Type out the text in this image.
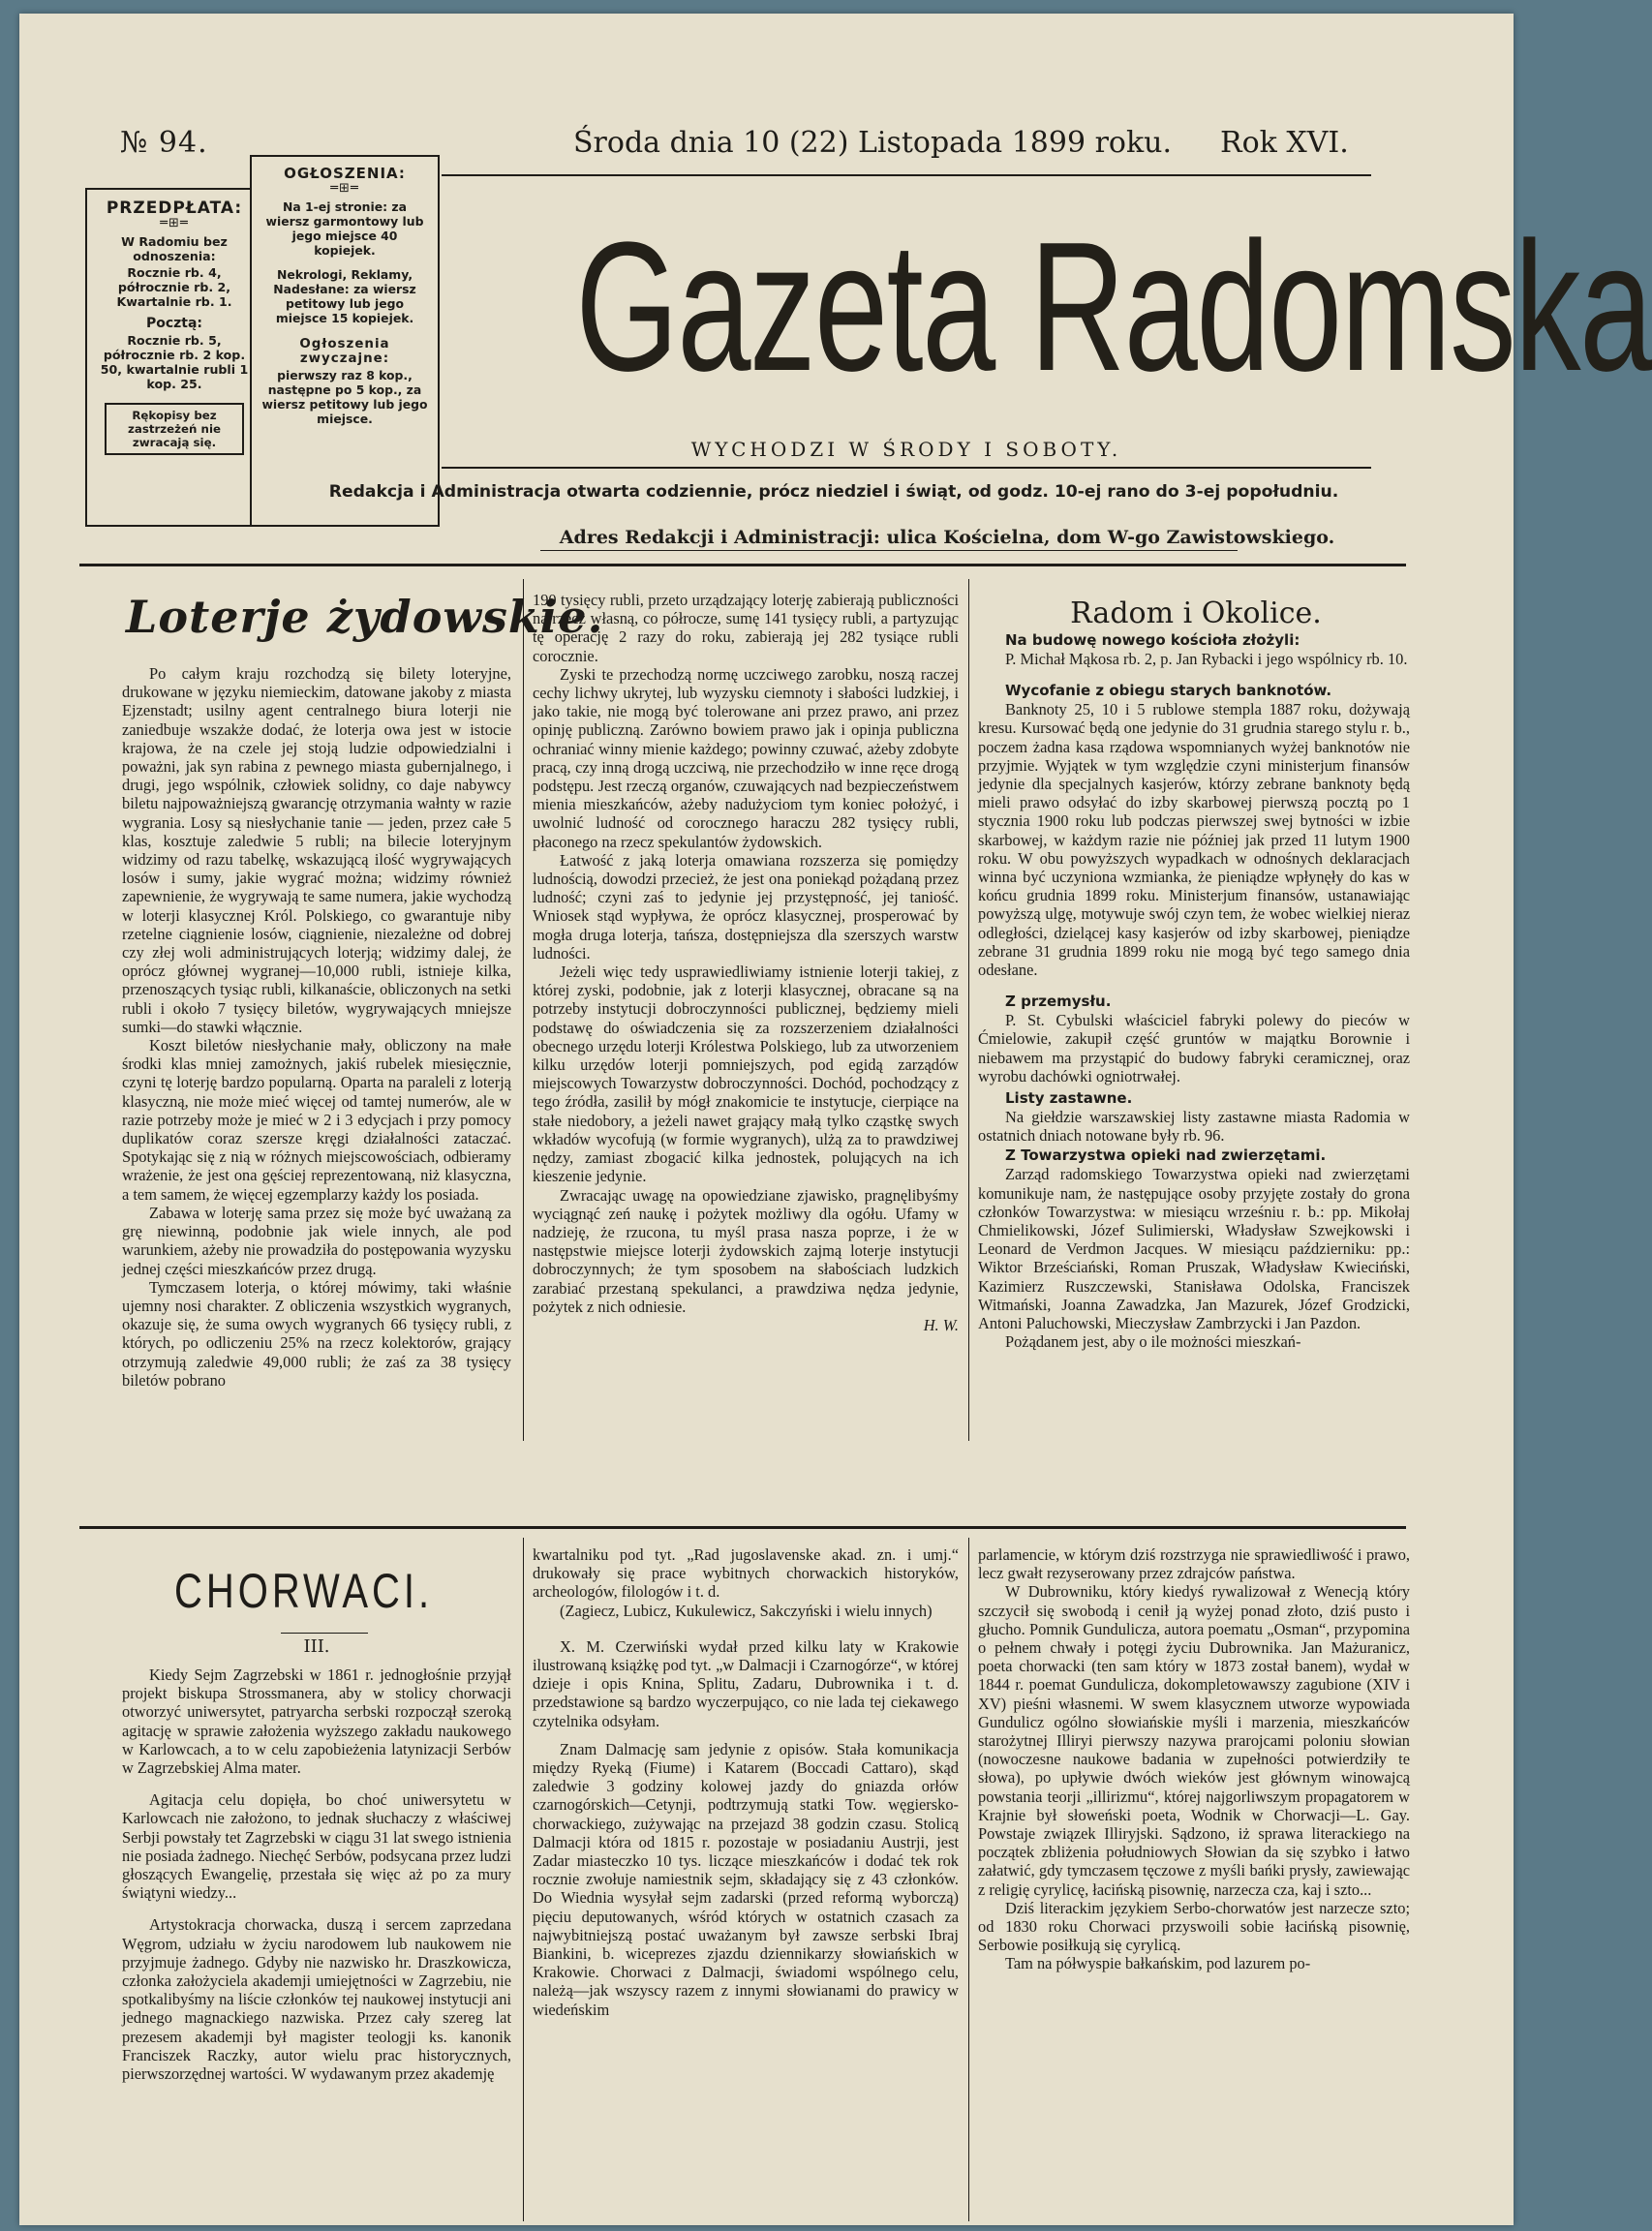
№ 94.	Środa dnia 10 (22) Listopada 1899 roku. Rok XVI.
PRZEDPŁATA:
═⊞═
W Radomiu bez odnoszenia:
Rocznie rb. 4, półrocznie rb. 2, Kwartalnie rb. 1.
Pocztą:
Rocznie rb. 5, półrocznie rb. 2 kop. 50, kwartalnie rubli 1 kop. 25.
Rękopisy bez zastrzeżeń nie zwracają się.
OGŁOSZENIA:
═⊞═
Na 1-ej stronie: za wiersz garmontowy lub jego miejsce 40 kopiejek.
Nekrologi, Reklamy, Nadesłane: za wiersz petitowy lub jego miejsce 15 kopiejek.
Ogłoszenia zwyczajne:
pierwszy raz 8 kop., następne po 5 kop., za wiersz petitowy lub jego miejsce.
Gazeta Radomska
WYCHODZI W ŚRODY I SOBOTY.
Redakcja i Administracja otwarta codziennie, prócz niedziel i świąt, od godz. 10-ej rano do 3-ej popołudniu.
Adres Redakcji i Administracji: ulica Kościelna, dom W-go Zawistowskiego.
Loterje żydowskie.

Po całym kraju rozchodzą się bilety loteryjne, drukowane w języku niemieckim, datowane jakoby z miasta Ejzenstadt; usilny agent centralnego biura loterji nie zaniedbuje wszakże dodać, że loterja owa jest w istocie krajowa, że na czele jej stoją ludzie odpowiedzialni i poważni, jak syn rabina z pewnego miasta gubernjalnego, i drugi, jego wspólnik, człowiek solidny, co daje nabywcy biletu najpoważniejszą gwarancję otrzymania wałnty w razie wygrania. Losy są niesłychanie tanie — jeden, przez całe 5 klas, kosztuje zaledwie 5 rubli; na bilecie loteryjnym widzimy od razu tabelkę, wskazującą ilość wygrywających losów i sumy, jakie wygrać można; widzimy również zapewnienie, że wygrywają te same numera, jakie wychodzą w loterji klasycznej Król. Polskiego, co gwarantuje niby rzetelne ciągnienie losów, ciągnienie, niezależne od dobrej czy złej woli administrujących loterją; widzimy dalej, że oprócz głównej wygranej—10,000 rubli, istnieje kilka, przenoszących tysiąc rubli, kilkanaście, obliczonych na setki rubli i około 7 tysięcy biletów, wygrywających mniejsze sumki—do stawki włącznie.

Koszt biletów niesłychanie mały, obliczony na małe środki klas mniej zamożnych, jakiś rubelek miesięcznie, czyni tę loterję bardzo popularną. Oparta na paraleli z loterją klasyczną, nie może mieć więcej od tamtej numerów, ale w razie potrzeby może je mieć w 2 i 3 edycjach i przy pomocy duplikatów coraz szersze kręgi działalności zataczać. Spotykając się z nią w różnych miejscowościach, odbieramy wrażenie, że jest ona gęściej reprezentowaną, niż klasyczna, a tem samem, że więcej egzemplarzy każdy los posiada.

Zabawa w loterję sama przez się może być uważaną za grę niewinną, podobnie jak wiele innych, ale pod warunkiem, ażeby nie prowadziła do postępowania wyzysku jednej części mieszkańców przez drugą.

Tymczasem loterja, o której mówimy, taki właśnie ujemny nosi charakter. Z obliczenia wszystkich wygranych, okazuje się, że suma owych wygranych 66 tysięcy rubli, z których, po odliczeniu 25% na rzecz kolektorów, grający otrzymują zaledwie 49,000 rubli; że zaś za 38 tysięcy biletów pobrano

190 tysięcy rubli, przeto urządzający loterję zabierają publiczności na rzecz własną, co półrocze, sumę 141 tysięcy rubli, a partyzując tę operację 2 razy do roku, zabierają jej 282 tysiące rubli corocznie.

Zyski te przechodzą normę uczciwego zarobku, noszą raczej cechy lichwy ukrytej, lub wyzysku ciemnoty i słabości ludzkiej, i jako takie, nie mogą być tolerowane ani przez prawo, ani przez opinję publiczną. Zarówno bowiem prawo jak i opinja publiczna ochraniać winny mienie każdego; powinny czuwać, ażeby zdobyte pracą, czy inną drogą uczciwą, nie przechodziło w inne ręce drogą podstępu. Jest rzeczą organów, czuwających nad bezpieczeństwem mienia mieszkańców, ażeby nadużyciom tym koniec położyć, i uwolnić ludność od corocznego haraczu 282 tysięcy rubli, płaconego na rzecz spekulantów żydowskich.

Łatwość z jaką loterja omawiana rozszerza się pomiędzy ludnością, dowodzi przecież, że jest ona poniekąd pożądaną przez ludność; czyni zaś to jedynie jej przystępność, jej taniość. Wniosek stąd wypływa, że oprócz klasycznej, prosperować by mogła druga loterja, tańsza, dostępniejsza dla szerszych warstw ludności.

Jeżeli więc tedy usprawiedliwiamy istnienie loterji takiej, z której zyski, podobnie, jak z loterji klasycznej, obracane są na potrzeby instytucji dobroczynności publicznej, będziemy mieli podstawę do oświadczenia się za rozszerzeniem działalności obecnego urzędu loterji Królestwa Polskiego, lub za utworzeniem kilku urzędów loterji pomniejszych, pod egidą zarządów miejscowych Towarzystw dobroczynności. Dochód, pochodzący z tego źródła, zasilił by mógł znakomicie te instytucje, cierpiące na stałe niedobory, a jeżeli nawet grający małą tylko cząstkę swych wkładów wycofują (w formie wygranych), ulżą za to prawdziwej nędzy, zamiast zbogacić kilka jednostek, polujących na ich kieszenie jedynie.

Zwracając uwagę na opowiedziane zjawisko, pragnęlibyśmy wyciągnąć zeń naukę i pożytek możliwy dla ogółu. Ufamy w nadzieję, że rzucona, tu myśl prasa nasza poprze, i że w następstwie miejsce loterji żydowskich zajmą loterje instytucji dobroczynnych; że tym sposobem na słabościach ludzkich zarabiać przestaną spekulanci, a prawdziwa nędza jedynie, pożytek z nich odniesie.

H. W.
Radom i Okolice.
Na budowę nowego kościoła złożyli:

P. Michał Mąkosa rb. 2, p. Jan Rybacki i jego wspólnicy rb. 10.

Wycofanie z obiegu starych banknotów.

Banknoty 25, 10 i 5 rublowe stempla 1887 roku, dożywają kresu. Kursować będą one jedynie do 31 grudnia starego stylu r. b., poczem żadna kasa rządowa wspomnianych wyżej banknotów nie przyjmie. Wyjątek w tym względzie czyni ministerjum finansów jedynie dla specjalnych kasjerów, którzy zebrane banknoty będą mieli prawo odsyłać do izby skarbowej pierwszą pocztą po 1 stycznia 1900 roku lub podczas pierwszej swej bytności w izbie skarbowej, w każdym razie nie później jak przed 11 lutym 1900 roku. W obu powyższych wypadkach w odnośnych deklaracjach winna być uczyniona wzmianka, że pieniądze wpłynęły do kas w końcu grudnia 1899 roku. Ministerjum finansów, ustanawiając powyższą ulgę, motywuje swój czyn tem, że wobec wielkiej nieraz odległości, dzielącej kasy kasjerów od izby skarbowej, pieniądze zebrane 31 grudnia 1899 roku nie mogą być tego samego dnia odesłane.

Z przemysłu.

P. St. Cybulski właściciel fabryki polewy do pieców w Ćmielowie, zakupił część gruntów w majątku Borownie i niebawem ma przystąpić do budowy fabryki ceramicznej, oraz wyrobu dachówki ogniotrwałej.

Listy zastawne.

Na giełdzie warszawskiej listy zastawne miasta Radomia w ostatnich dniach notowane były rb. 96.

Z Towarzystwa opieki nad zwierzętami.

Zarząd radomskiego Towarzystwa opieki nad zwierzętami komunikuje nam, że następujące osoby przyjęte zostały do grona członków Towarzystwa: w miesiącu wrześniu r. b.: pp. Mikołaj Chmielikowski, Józef Sulimierski, Władysław Szwejkowski i Leonard de Verdmon Jacques. W miesiącu październiku: pp.: Wiktor Brześciański, Roman Pruszak, Władysław Kwieciński, Kazimierz Ruszczewski, Stanisława Odolska, Franciszek Witmański, Joanna Zawadzka, Jan Mazurek, Józef Grodzicki, Antoni Paluchowski, Mieczysław Zambrzycki i Jan Pazdon.

Pożądanem jest, aby o ile możności mieszkań-

CHORWACI.
III.

Kiedy Sejm Zagrzebski w 1861 r. jednogłośnie przyjął projekt biskupa Strossmanera, aby w stolicy chorwacji otworzyć uniwersytet, patryarcha serbski rozpoczął szeroką agitację w sprawie założenia wyższego zakładu naukowego w Karlowcach, a to w celu zapobieżenia latynizacji Serbów w Zagrzebskiej Alma mater.

Agitacja celu dopięła, bo choć uniwersytetu w Karlowcach nie założono, to jednak słuchaczy z właściwej Serbji powstały tet Zagrzebski w ciągu 31 lat swego istnienia nie posiada żadnego. Niechęć Serbów, podsycana przez ludzi głoszących Ewangelię, przestała się więc aż po za mury świątyni wiedzy...

Artystokracja chorwacka, duszą i sercem zaprzedana Węgrom, udziału w życiu narodowem lub naukowem nie przyjmuje żadnego. Gdyby nie nazwisko hr. Draszkowicza, członka założyciela akademji umiejętności w Zagrzebiu, nie spotkalibyśmy na liście członków tej naukowej instytucji ani jednego magnackiego nazwiska. Przez cały szereg lat prezesem akademji był magister teologji ks. kanonik Franciszek Raczky, autor wielu prac historycznych, pierwszorzędnej wartości. W wydawanym przez akademję

kwartalniku pod tyt. „Rad jugoslavenske akad. zn. i umj.“ drukowały się prace wybitnych chorwackich historyków, archeologów, filologów i t. d.

(Zagiecz, Lubicz, Kukulewicz, Sakczyński i wielu innych)

X. M. Czerwiński wydał przed kilku laty w Krakowie ilustrowaną książkę pod tyt. „w Dalmacji i Czarnogórze“, w której dzieje i opis Knina, Splitu, Zadaru, Dubrownika i t. d. przedstawione są bardzo wyczerpująco, co nie lada tej ciekawego czytelnika odsyłam.

Znam Dalmację sam jedynie z opisów. Stała komunikacja między Ryeką (Fiume) i Katarem (Boccadi Cattaro), skąd zaledwie 3 godziny kolowej jazdy do gniazda orłów czarnogórskich—Cetynji, podtrzymują statki Tow. węgiersko-chorwackiego, zużywając na przejazd 38 godzin czasu. Stolicą Dalmacji która od 1815 r. pozostaje w posiadaniu Austrji, jest Zadar miasteczko 10 tys. liczące mieszkańców i dodać tek rok rocznie zwołuje namiestnik sejm, składający się z 43 członków. Do Wiednia wysyłał sejm zadarski (przed reformą wyborczą) pięciu deputowanych, wśród których w ostatnich czasach za najwybitniejszą postać uważanym był zawsze serbski Ibraj Biankini, b. wiceprezes zjazdu dziennikarzy słowiańskich w Krakowie. Chorwaci z Dalmacji, świadomi wspólnego celu, należą—jak wszyscy razem z innymi słowianami do prawicy w wiedeńskim

parlamencie, w którym dziś rozstrzyga nie sprawiedliwość i prawo, lecz gwałt rezyserowany przez zdrajców państwa.

W Dubrowniku, który kiedyś rywalizował z Wenecją który szczycił się swobodą i cenił ją wyżej ponad złoto, dziś pusto i głucho. Pomnik Gundulicza, autora poematu „Osman“, przypomina o pełnem chwały i potęgi życiu Dubrownika. Jan Mażuranicz, poeta chorwacki (ten sam który w 1873 został banem), wydał w 1844 r. poemat Gundulicza, dokompletowawszy zagubione (XIV i XV) pieśni własnemi. W swem klasycznem utworze wypowiada Gundulicz ogólno słowiańskie myśli i marzenia, mieszkańców starożytnej Illiryi pierwszy nazywa prarojcami poloniu słowian (nowoczesne naukowe badania w zupełności potwierdziły te słowa), po upływie dwóch wieków jest głównym winowajcą powstania teorji „illirizmu“, której najgorliwszym propagatorem w Krajnie był słoweński poeta, Wodnik w Chorwacji—L. Gay. Powstaje związek Illiryjski. Sądzono, iż sprawa literackiego na początek zbliżenia południowych Słowian da się szybko i łatwo załatwić, gdy tymczasem tęczowe z myśli bańki prysły, zawiewając z religię cyrylicę, łacińską pisownię, narzecza cza, kaj i szto...

Dziś literackim językiem Serbo-chorwatów jest narzecze szto; od 1830 roku Chorwaci przyswoili sobie łacińską pisownię, Serbowie posiłkują się cyrylicą.

Tam na półwyspie bałkańskim, pod lazurem po-
